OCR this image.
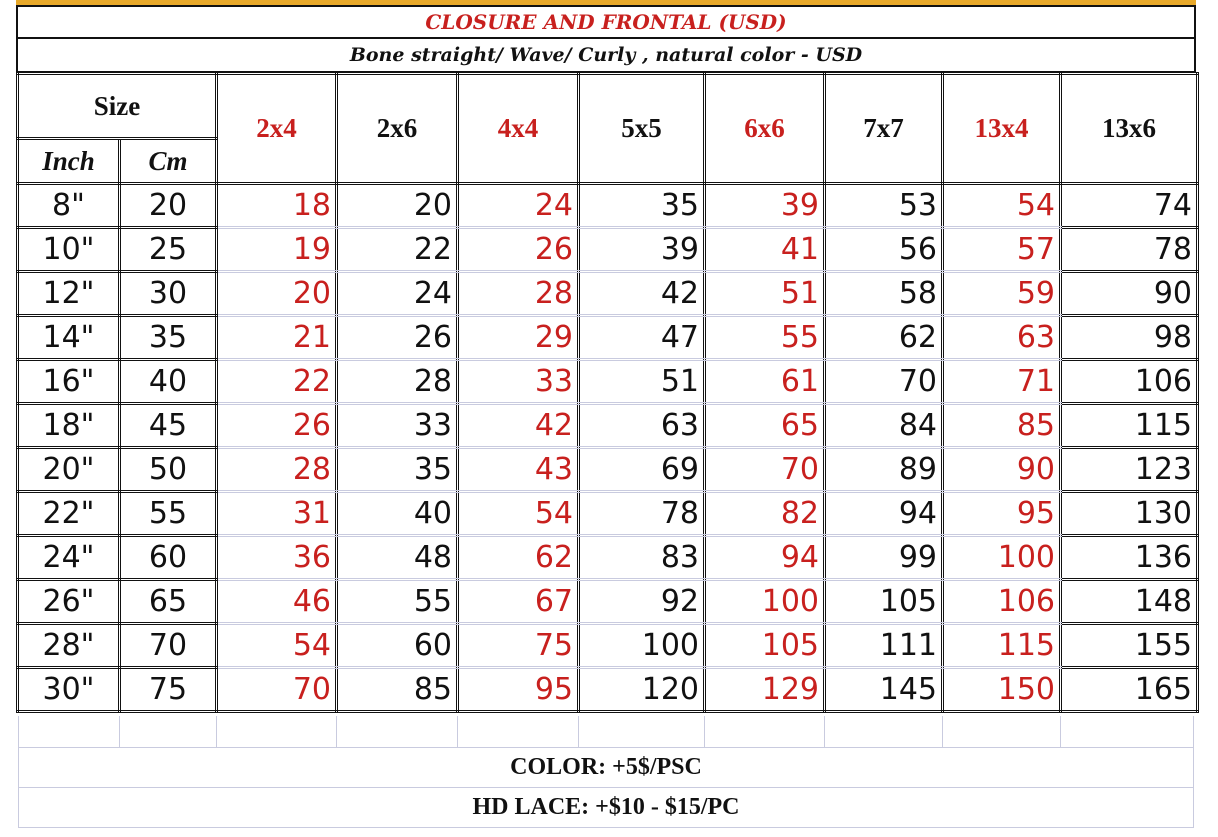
CLOSURE AND FRONTAL (USD)
Bone straight/ Wave/ Curly , natural color - USD
Size		2x4	2x6	4x4	5x5	6x6	7x7	13x4	13x6
Inch	Cm								
8"	20	18	20	24	35	39	53	54	74
10"	25	19	22	26	39	41	56	57	78
12"	30	20	24	28	42	51	58	59	90
14"	35	21	26	29	47	55	62	63	98
16"	40	22	28	33	51	61	70	71	106
18"	45	26	33	42	63	65	84	85	115
20"	50	28	35	43	69	70	89	90	123
22"	55	31	40	54	78	82	94	95	130
24"	60	36	48	62	83	94	99	100	136
26"	65	46	55	67	92	100	105	106	148
28"	70	54	60	75	100	105	111	115	155
30"	75	70	85	95	120	129	145	150	165
COLOR: +5$/PSC
HD LACE: +$10 - $15/PC
